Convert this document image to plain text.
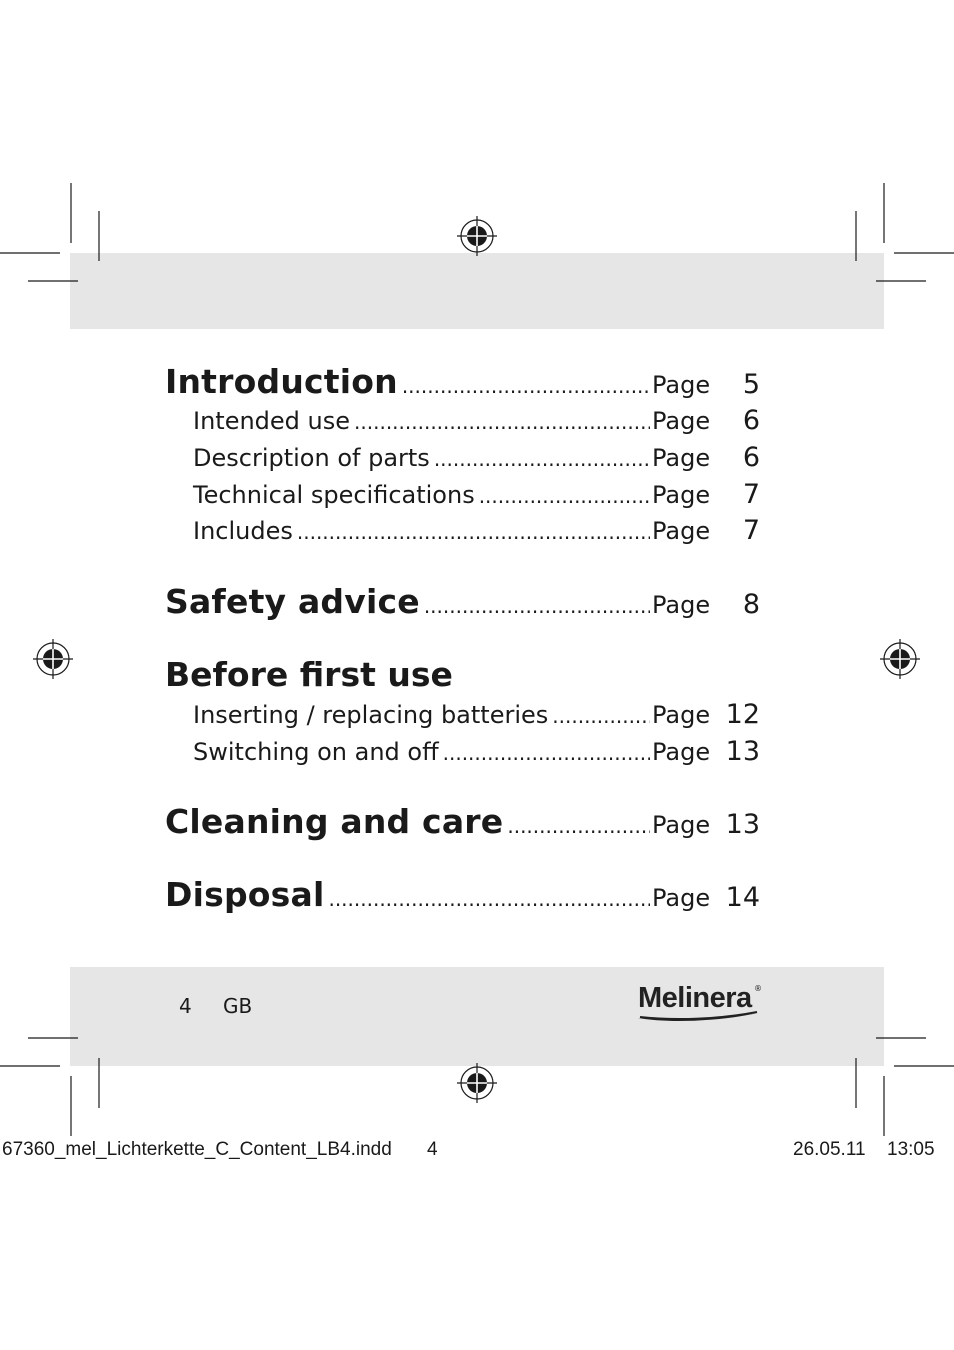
Introduction .....	Page	5
Intended use .....	Page	6
Description of parts .....	Page	6
Technical specifications .....	Page	7
Includes .....	Page	7
Safety advice .....	Page	8
Before first use
Inserting / replacing batteries .....	Page 12
Switching on and off .....	Page 13
Cleaning and care .....	Page 13
Disposal .....	Page 14
4 GB	Melinera ®
67360_mel_Lichterkette_C_Content_LB4.indd 4	26.05.11 13:05
